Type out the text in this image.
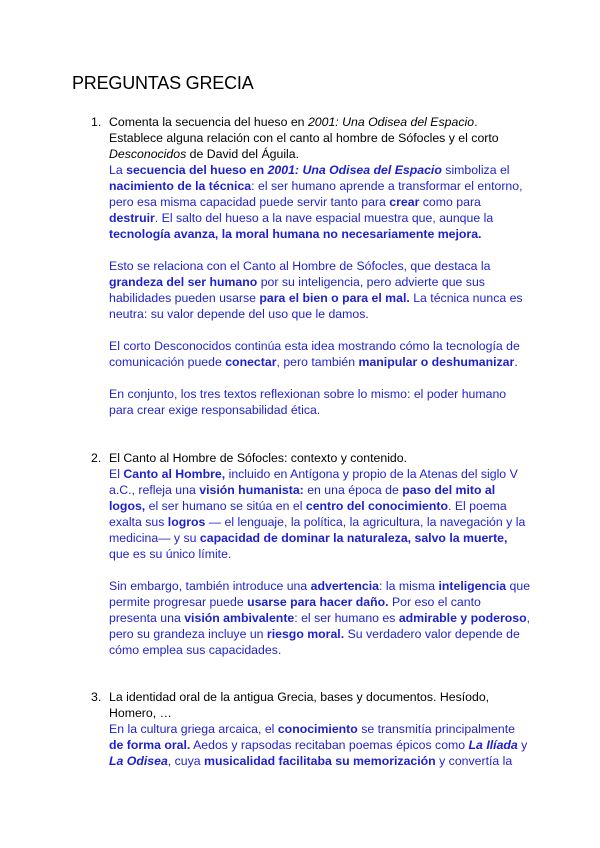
PREGUNTAS GRECIA
1. Comenta la secuencia del hueso en 2001: Una Odisea del Espacio. Establece alguna relación con el canto al hombre de Sófocles y el corto Desconocidos de David del Águila.

La secuencia del hueso en 2001: Una Odisea del Espacio simboliza el nacimiento de la técnica: el ser humano aprende a transformar el entorno, pero esa misma capacidad puede servir tanto para crear como para destruir. El salto del hueso a la nave espacial muestra que, aunque la tecnología avanza, la moral humana no necesariamente mejora.

Esto se relaciona con el Canto al Hombre de Sófocles, que destaca la grandeza del ser humano por su inteligencia, pero advierte que sus habilidades pueden usarse para el bien o para el mal. La técnica nunca es neutra: su valor depende del uso que le damos.

El corto Desconocidos continúa esta idea mostrando cómo la tecnología de comunicación puede conectar, pero también manipular o deshumanizar.

En conjunto, los tres textos reflexionan sobre lo mismo: el poder humano para crear exige responsabilidad ética.

2. El Canto al Hombre de Sófocles: contexto y contenido.

El Canto al Hombre, incluido en Antígona y propio de la Atenas del siglo V a.C., refleja una visión humanista: en una época de paso del mito al logos, el ser humano se sitúa en el centro del conocimiento. El poema exalta sus logros — el lenguaje, la política, la agricultura, la navegación y la medicina— y su capacidad de dominar la naturaleza, salvo la muerte, que es su único límite.

Sin embargo, también introduce una advertencia: la misma inteligencia que permite progresar puede usarse para hacer daño. Por eso el canto presenta una visión ambivalente: el ser humano es admirable y poderoso, pero su grandeza incluye un riesgo moral. Su verdadero valor depende de cómo emplea sus capacidades.

3. La identidad oral de la antigua Grecia, bases y documentos. Hesíodo, Homero, …

En la cultura griega arcaica, el conocimiento se transmitía principalmente de forma oral. Aedos y rapsodas recitaban poemas épicos como La Ilíada y La Odisea, cuya musicalidad facilitaba su memorización y convertía la
